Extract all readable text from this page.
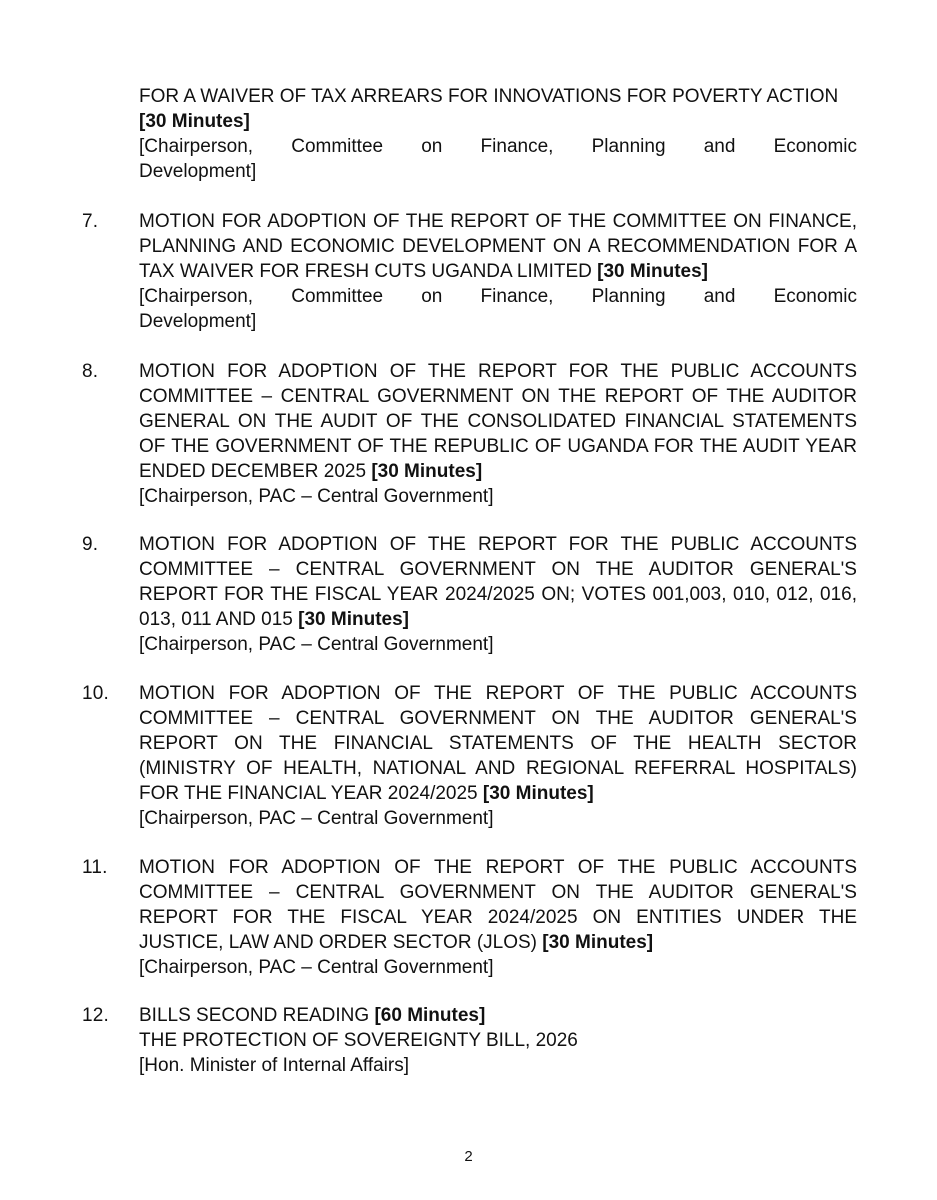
FOR A WAIVER OF TAX ARREARS FOR INNOVATIONS FOR POVERTY ACTION
[30 Minutes]
[Chairperson, Committee on Finance, Planning and Economic
Development]
7. MOTION FOR ADOPTION OF THE REPORT OF THE COMMITTEE ON FINANCE, PLANNING AND ECONOMIC DEVELOPMENT ON A RECOMMENDATION FOR A TAX WAIVER FOR FRESH CUTS UGANDA LIMITED [30 Minutes]
[Chairperson, Committee on Finance, Planning and Economic
Development]
8. MOTION FOR ADOPTION OF THE REPORT FOR THE PUBLIC ACCOUNTS COMMITTEE – CENTRAL GOVERNMENT ON THE REPORT OF THE AUDITOR GENERAL ON THE AUDIT OF THE CONSOLIDATED FINANCIAL STATEMENTS OF THE GOVERNMENT OF THE REPUBLIC OF UGANDA FOR THE AUDIT YEAR ENDED DECEMBER 2025 [30 Minutes]
[Chairperson, PAC – Central Government]
9. MOTION FOR ADOPTION OF THE REPORT FOR THE PUBLIC ACCOUNTS COMMITTEE – CENTRAL GOVERNMENT ON THE AUDITOR GENERAL'S REPORT FOR THE FISCAL YEAR 2024/2025 ON; VOTES 001,003, 010, 012, 016, 013, 011 AND 015 [30 Minutes]
[Chairperson, PAC – Central Government]
10. MOTION FOR ADOPTION OF THE REPORT OF THE PUBLIC ACCOUNTS COMMITTEE – CENTRAL GOVERNMENT ON THE AUDITOR GENERAL'S REPORT ON THE FINANCIAL STATEMENTS OF THE HEALTH SECTOR (MINISTRY OF HEALTH, NATIONAL AND REGIONAL REFERRAL HOSPITALS) FOR THE FINANCIAL YEAR 2024/2025 [30 Minutes]
[Chairperson, PAC – Central Government]
11. MOTION FOR ADOPTION OF THE REPORT OF THE PUBLIC ACCOUNTS COMMITTEE – CENTRAL GOVERNMENT ON THE AUDITOR GENERAL'S REPORT FOR THE FISCAL YEAR 2024/2025 ON ENTITIES UNDER THE JUSTICE, LAW AND ORDER SECTOR (JLOS) [30 Minutes]
[Chairperson, PAC – Central Government]
12. BILLS SECOND READING [60 Minutes]
THE PROTECTION OF SOVEREIGNTY BILL, 2026
[Hon. Minister of Internal Affairs]
2
